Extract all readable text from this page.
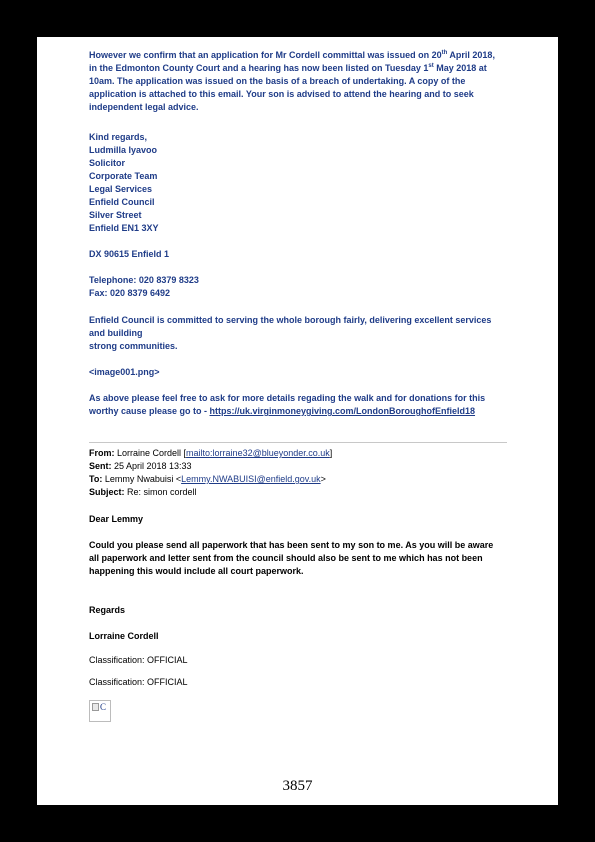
However we confirm that an application for Mr Cordell committal was issued on 20th April 2018, in the Edmonton County Court and a hearing has now been listed on Tuesday 1st May 2018 at 10am. The application was issued on the basis of a breach of undertaking. A copy of the application is attached to this email. Your son is advised to attend the hearing and to seek independent legal advice.
Kind regards,
Ludmilla Iyavoo
Solicitor
Corporate Team
Legal Services
Enfield Council
Silver Street
Enfield EN1 3XY
DX 90615 Enfield 1
Telephone: 020 8379 8323
Fax: 020 8379 6492
Enfield Council is committed to serving the whole borough fairly, delivering excellent services and building
strong communities.
<image001.png>
As above please feel free to ask for more details regading the walk and for donations for this worthy cause please go to - https://uk.virginmoneygiving.com/LondonBoroughofEnfield18
From: Lorraine Cordell [mailto:lorraine32@blueyonder.co.uk]
Sent: 25 April 2018 13:33
To: Lemmy Nwabuisi <Lemmy.NWABUISI@enfield.gov.uk>
Subject: Re: simon cordell
Dear Lemmy
Could you please send all paperwork that has been sent to my son to me. As you will be aware all paperwork and letter sent from the council should also be sent to me which has not been happening this would include all court paperwork.
Regards
Lorraine Cordell
Classification: OFFICIAL
Classification: OFFICIAL
C
3857
